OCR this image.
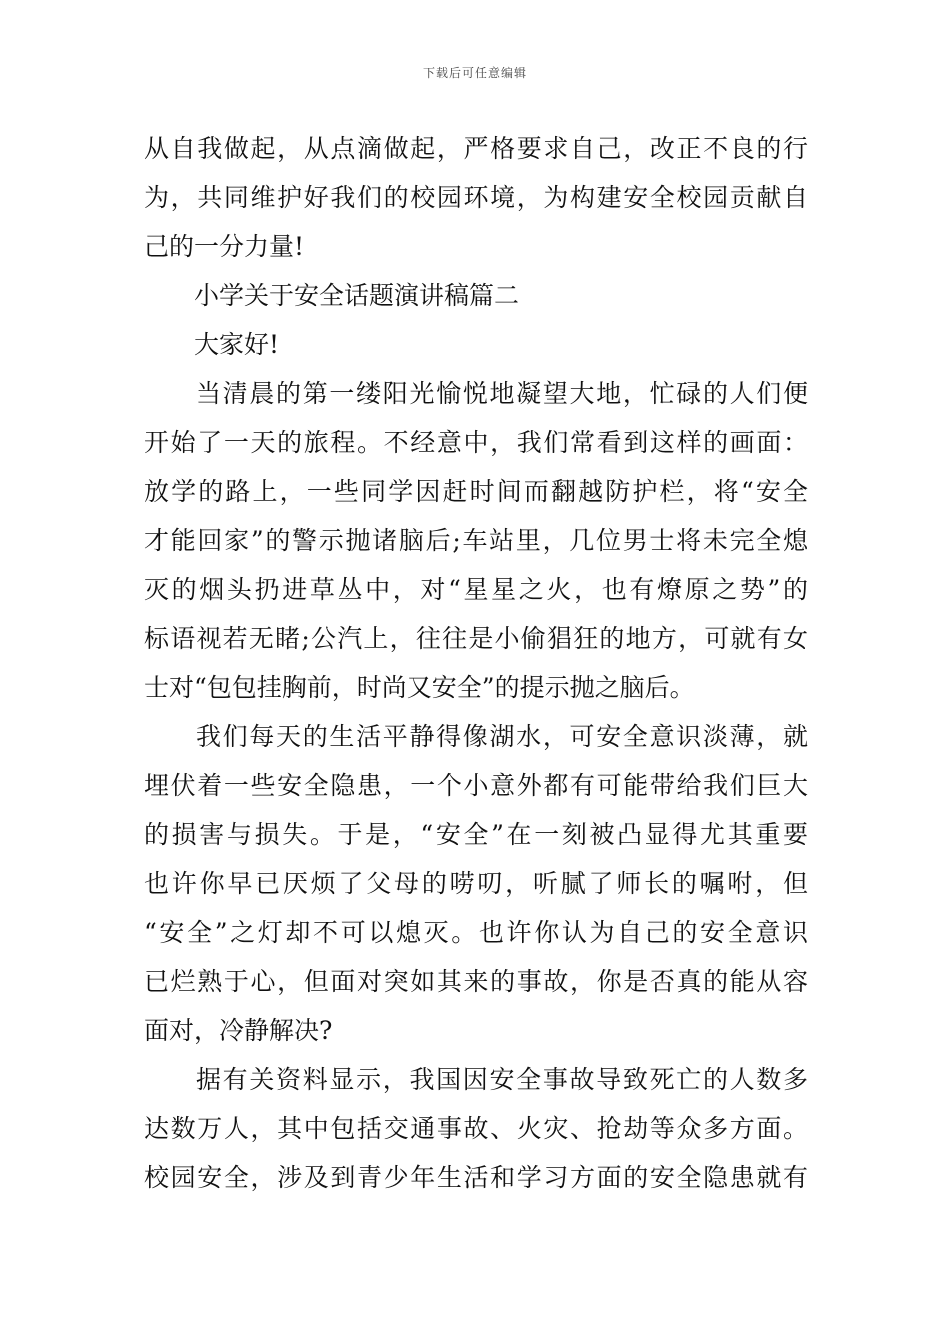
下载后可任意编辑
从自我做起，从点滴做起，严格要求自己，改正不良的行
为，共同维护好我们的校园环境，为构建安全校园贡献自
己的一分力量!
小学关于安全话题演讲稿篇二
大家好!
当清晨的第一缕阳光愉悦地凝望大地，忙碌的人们便
开始了一天的旅程。不经意中，我们常看到这样的画面：
放学的路上，一些同学因赶时间而翻越防护栏，将“安全
才能回家”的警示抛诸脑后;车站里，几位男士将未完全熄
灭的烟头扔进草丛中，对“星星之火，也有燎原之势”的
标语视若无睹;公汽上，往往是小偷猖狂的地方，可就有女
士对“包包挂胸前，时尚又安全”的提示抛之脑后。
我们每天的生活平静得像湖水，可安全意识淡薄，就
埋伏着一些安全隐患，一个小意外都有可能带给我们巨大
的损害与损失。于是，“安全”在一刻被凸显得尤其重要
也许你早已厌烦了父母的唠叨，听腻了师长的嘱咐，但
“安全”之灯却不可以熄灭。也许你认为自己的安全意识
已烂熟于心，但面对突如其来的事故，你是否真的能从容
面对，冷静解决?
据有关资料显示，我国因安全事故导致死亡的人数多
达数万人，其中包括交通事故、火灾、抢劫等众多方面。
校园安全，涉及到青少年生活和学习方面的安全隐患就有
